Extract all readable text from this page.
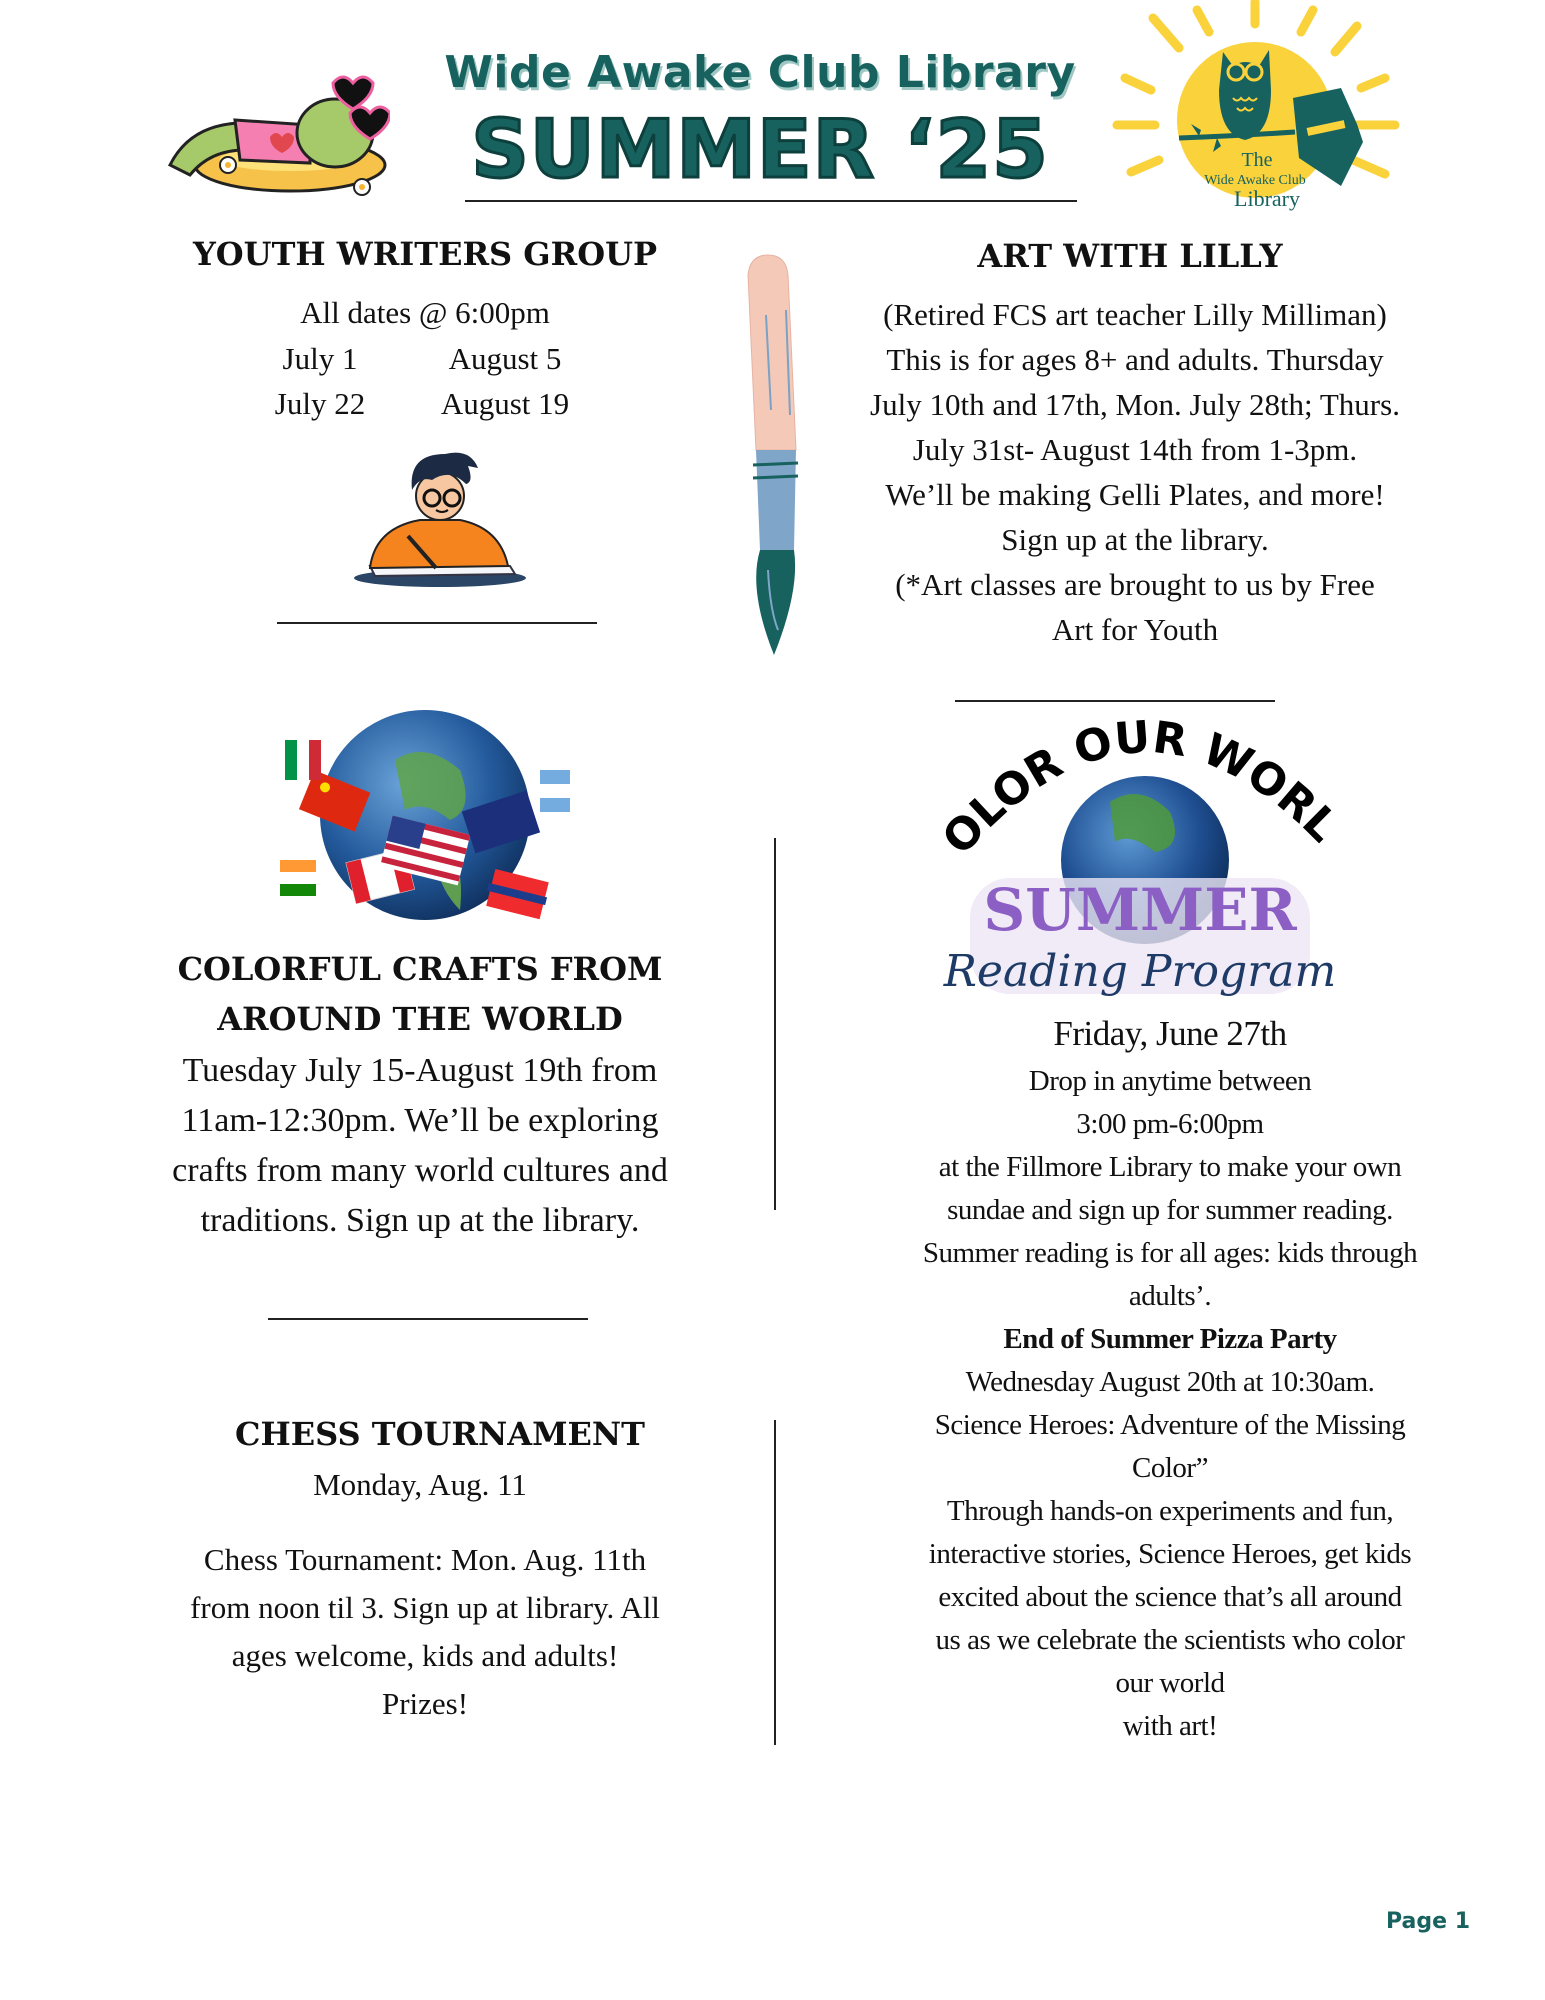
Wide Awake Club Library
SUMMER ‘25	The
Wide Awake Club
Library
YOUTH WRITERS GROUP
All dates @ 6:00pm
July 1	August 5
July 22	August 19
ART WITH LILLY
(Retired FCS art teacher Lilly Milliman)
This is for ages 8+ and adults. Thursday
July 10th and 17th, Mon. July 28th; Thurs.
July 31st- August 14th from 1-3pm.
We’ll be making Gelli Plates, and more!
Sign up at the library.
(*Art classes are brought to us by Free
Art for Youth
COLORFUL CRAFTS FROM
AROUND THE WORLD
Tuesday July 15-August 19th from
11am-12:30pm. We’ll be exploring
crafts from many world cultures and
traditions. Sign up at the library.
CHESS TOURNAMENT
Monday, Aug. 11
Chess Tournament: Mon. Aug. 11th
from noon til 3. Sign up at library. All
ages welcome, kids and adults!
Prizes!
OLOR OUR WORL
SUMMER
Reading Program
Friday, June 27th
Drop in anytime between
3:00 pm-6:00pm
at the Fillmore Library to make your own
sundae and sign up for summer reading.
Summer reading is for all ages: kids through
adults’.
End of Summer Pizza Party
Wednesday August 20th at 10:30am.
Science Heroes: Adventure of the Missing
Color”
Through hands-on experiments and fun,
interactive stories, Science Heroes, get kids
excited about the science that’s all around
us as we celebrate the scientists who color
our world
with art!
Page 1
